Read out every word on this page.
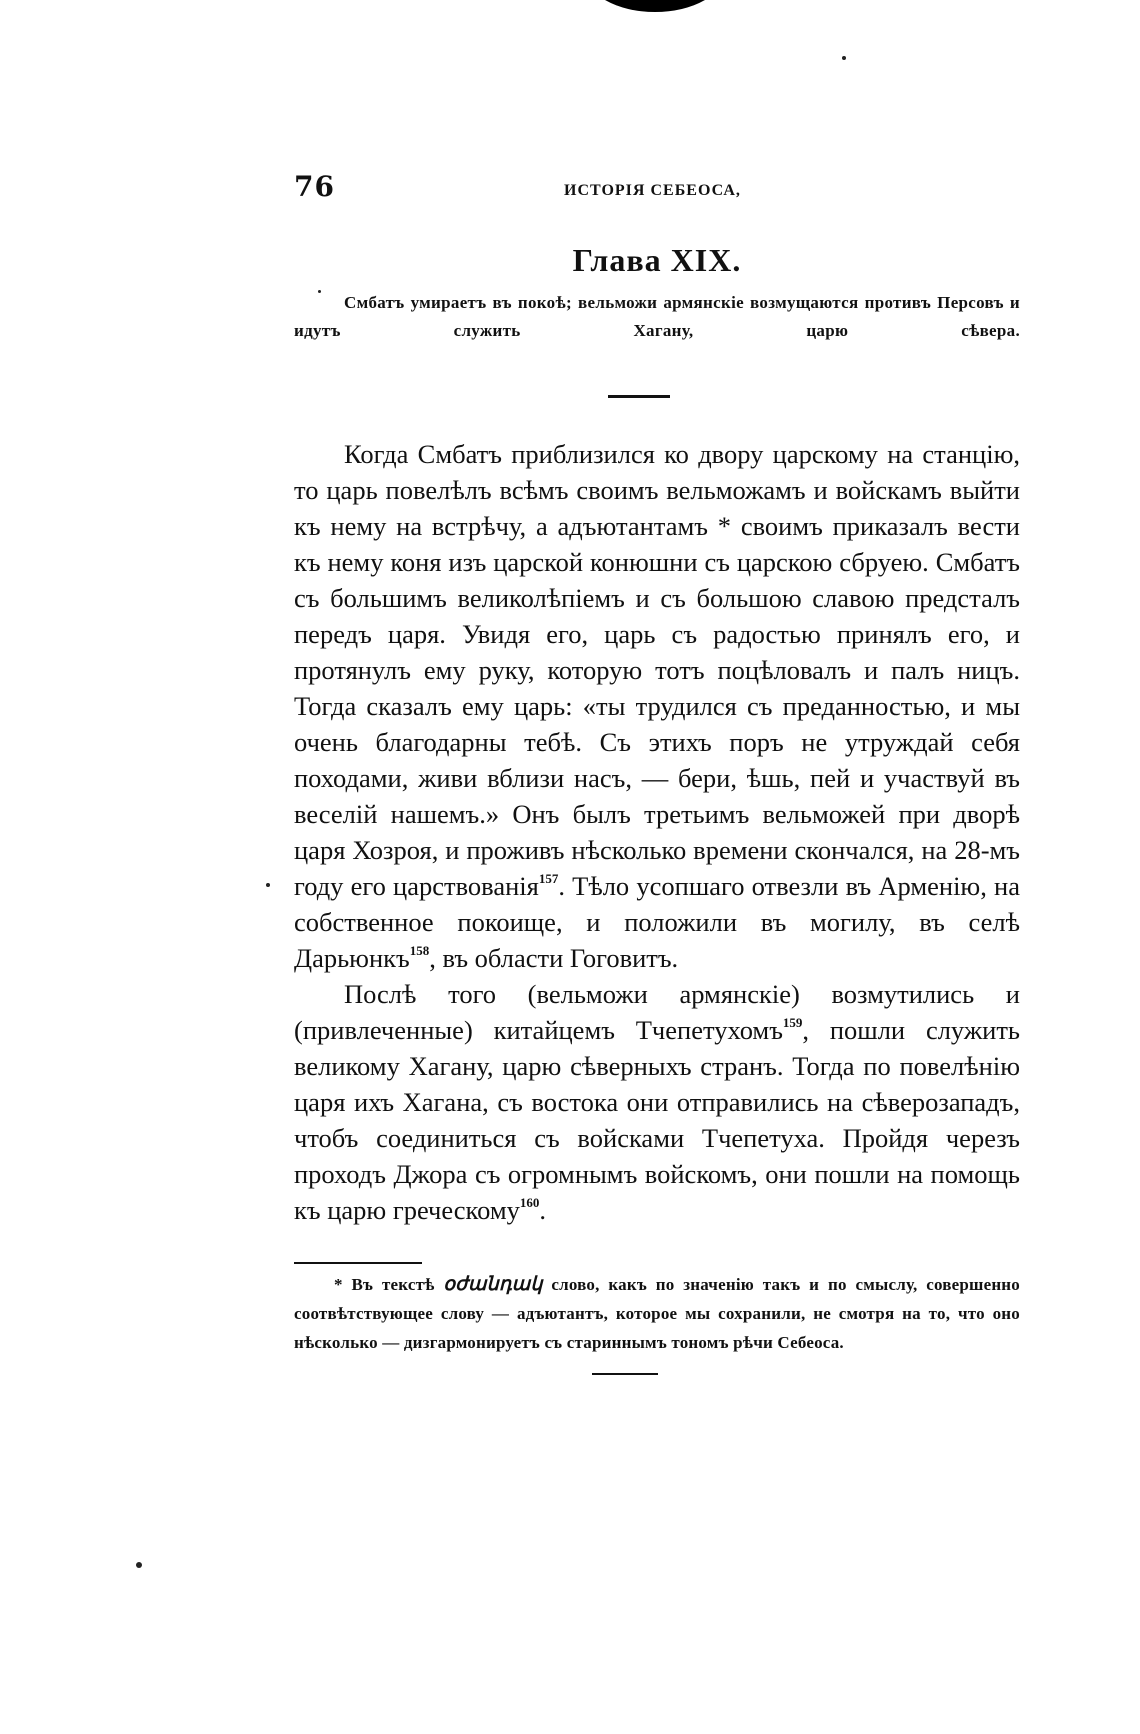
76	ИСТОРІЯ СЕБЕОСА,
Глава XIX.
Смбатъ умираетъ въ покоѣ; вельможи армянскіе возмущаются противъ Персовъ и идутъ служить Хагану, царю сѣвера.

Когда Смбатъ приблизился ко двору царскому на станцію, то царь повелѣлъ всѣмъ своимъ вельможамъ и войскамъ выйти къ нему на встрѣчу, а адъютантамъ * своимъ приказалъ вести къ нему коня изъ царской конюшни съ царскою сбруею. Смбатъ съ большимъ великолѣпіемъ и съ большою славою предсталъ передъ царя. Увидя его, царь съ радостью принялъ его, и протянулъ ему руку, которую тотъ поцѣловалъ и палъ ницъ. Тогда сказалъ ему царь: «ты трудился съ преданностью, и мы очень благодарны тебѣ. Съ этихъ поръ не утруждай себя походами, живи вблизи насъ, — бери, ѣшь, пей и участвуй въ веселій нашемъ.» Онъ былъ третьимъ вельможей при дворѣ царя Хозроя, и проживъ нѣсколько времени скончался, на 28-мъ году его царствованія$^{157}$. Тѣло усопшаго отвезли въ Арменію, на собственное покоище, и положили въ могилу, въ селѣ Дарьюнкъ$^{158}$, въ области Гоговитъ.

Послѣ того (вельможи армянскіе) возмутились и (привлеченные) китайцемъ Тчепетухомъ$^{159}$, пошли служить великому Хагану, царю сѣверныхъ странъ. Тогда по повелѣнію царя ихъ Хагана, съ востока они отправились на сѣверозападъ, чтобъ соединиться съ войсками Тчепетуха. Пройдя черезъ проходъ Джора съ огромнымъ войскомъ, они пошли на помощь къ царю греческому$^{160}$.

* Въ текстѣ օժանդակ слово, какъ по значенію такъ и по смыслу, совершенно соотвѣтствующее слову — адъютантъ, которое мы сохранили, не смотря на то, что оно нѣсколько — дизгармонируетъ съ стариннымъ тономъ рѣчи Себеоса.
